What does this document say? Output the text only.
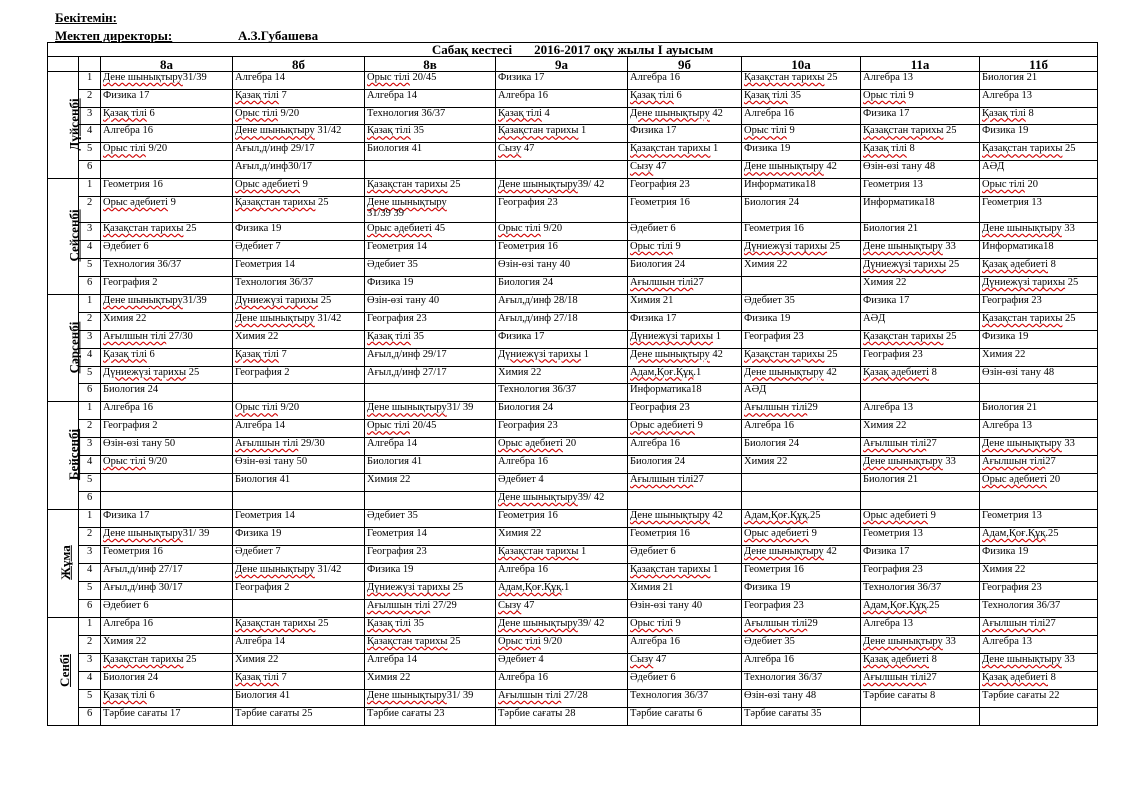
Бекітемін:
Мектеп директоры:	А.З.Губашева
Сабақ кестесі 2016-2017 оқу жылы I ауысым									
		8а	8б	8в	9а	9б	10а	11а	11б
Дүйсенбі	1	Дене шынықтыру31/39	Алгебра 14	Орыс тілі 20/45	Физика 17	Алгебра 16	Қазақстан тарихы 25	Алгебра 13	Биология 21
	2	Физика 17	Қазақ тілі 7	Алгебра 14	Алгебра 16	Қазақ тілі 6	Қазақ тілі 35	Орыс тілі 9	Алгебра 13
	3	Қазақ тілі 6	Орыс тілі 9/20	Технология 36/37	Қазақ тілі 4	Дене шынықтыру 42	Алгебра 16	Физика 17	Қазақ тілі 8
	4	Алгебра 16	Дене шынықтыру 31/42	Қазақ тілі 35	Қазақстан тарихы 1	Физика 17	Орыс тілі 9	Қазақстан тарихы 25	Физика 19
	5	Орыс тілі 9/20	Ағыл,д/инф 29/17	Биология 41	Сызу 47	Қазақстан тарихы 1	Физика 19	Қазақ тілі 8	Қазақстан тарихы 25
	6		Ағыл,д/инф30/17			Сызу 47	Дене шынықтыру 42	Өзін-өзі тану 48	АӘД
Сейсенбі	1	Геометрия 16	Орыс әдебиеті 9	Қазақстан тарихы 25	Дене шынықтыру39/ 42	География 23	Информатика18	Геометрия 13	Орыс тілі 20
	2	Орыс әдебиеті 9	Қазақстан тарихы 25	Дене шынықтыру
31/39 39	География 23	Геометрия 16	Биология 24	Информатика18	Геометрия 13
	3	Қазақстан тарихы 25	Физика 19	Орыс әдебиеті 45	Орыс тілі 9/20	Әдебиет 6	Геометрия 16	Биология 21	Дене шынықтыру 33
	4	Әдебиет 6	Әдебиет 7	Геометрия 14	Геометрия 16	Орыс тілі 9	Дүниежүзі тарихы 25	Дене шынықтыру 33	Информатика18
	5	Технология 36/37	Геометрия 14	Әдебиет 35	Өзін-өзі тану 40	Биология 24	Химия 22	Дүниежүзі тарихы 25	Қазақ әдебиеті 8
	6	География 2	Технология 36/37	Физика 19	Биология 24	Ағылшын тілі27		Химия 22	Дүниежүзі тарихы 25
Сәрсенбі	1	Дене шынықтыру31/39	Дүниежүзі тарихы 25	Өзін-өзі тану 40	Ағыл,д/инф 28/18	Химия 21	Әдебиет 35	Физика 17	География 23
	2	Химия 22	Дене шынықтыру 31/42	География 23	Ағыл,д/инф 27/18	Физика 17	Физика 19	АӘД	Қазақстан тарихы 25
	3	Ағылшын тілі 27/30	Химия 22	Қазақ тілі 35	Физика 17	Дүниежүзі тарихы 1	География 23	Қазақстан тарихы 25	Физика 19
	4	Қазақ тілі 6	Қазақ тілі 7	Ағыл,д/инф 29/17	Дүниежүзі тарихы 1	Дене шынықтыру 42	Қазақстан тарихы 25	География 23	Химия 22
	5	Дүниежүзі тарихы 25	География 2	Ағыл,д/инф 27/17	Химия 22	Адам,Қоғ.Құқ.1	Дене шынықтыру 42	Қазақ әдебиеті 8	Өзін-өзі тану 48
	6	Биология 24			Технология 36/37	Информатика18	АӘД		
Бейсенбі	1	Алгебра 16	Орыс тілі 9/20	Дене шынықтыру31/ 39	Биология 24	География 23	Ағылшын тілі29	Алгебра 13	Биология 21
	2	География 2	Алгебра 14	Орыс тілі 20/45	География 23	Орыс әдебиеті 9	Алгебра 16	Химия 22	Алгебра 13
	3	Өзін-өзі тану 50	Ағылшын тілі 29/30	Алгебра 14	Орыс әдебиеті 20	Алгебра 16	Биология 24	Ағылшын тілі27	Дене шынықтыру 33
	4	Орыс тілі 9/20	Өзін-өзі тану 50	Биология 41	Алгебра 16	Биология 24	Химия 22	Дене шынықтыру 33	Ағылшын тілі27
	5		Биология 41	Химия 22	Әдебиет 4	Ағылшын тілі27		Биология 21	Орыс әдебиеті 20
	6				Дене шынықтыру39/ 42				
Жұма	1	Физика 17	Геометрия 14	Әдебиет 35	Геометрия 16	Дене шынықтыру 42	Адам,Қоғ.Құқ.25	Орыс әдебиеті 9	Геометрия 13
	2	Дене шынықтыру31/ 39	Физика 19	Геометрия 14	Химия 22	Геометрия 16	Орыс әдебиеті 9	Геометрия 13	Адам,Қоғ.Құқ.25
	3	Геометрия 16	Әдебиет 7	География 23	Қазақстан тарихы 1	Әдебиет 6	Дене шынықтыру 42	Физика 17	Физика 19
	4	Ағыл,д/инф 27/17	Дене шынықтыру 31/42	Физика 19	Алгебра 16	Қазақстан тарихы 1	Геометрия 16	География 23	Химия 22
	5	Ағыл,д/инф 30/17	География 2	Дүниежүзі тарихы 25	Адам,Қоғ.Құқ.1	Химия 21	Физика 19	Технология 36/37	География 23
	6	Әдебиет 6		Ағылшын тілі 27/29	Сызу 47	Өзін-өзі тану 40	География 23	Адам,Қоғ.Құқ.25	Технология 36/37
Сенбі	1	Алгебра 16	Қазақстан тарихы 25	Қазақ тілі 35	Дене шынықтыру39/ 42	Орыс тілі 9	Ағылшын тілі29	Алгебра 13	Ағылшын тілі27
	2	Химия 22	Алгебра 14	Қазақстан тарихы 25	Орыс тілі 9/20	Алгебра 16	Әдебиет 35	Дене шынықтыру 33	Алгебра 13
	3	Қазақстан тарихы 25	Химия 22	Алгебра 14	Әдебиет 4	Сызу 47	Алгебра 16	Қазақ әдебиеті 8	Дене шынықтыру 33
	4	Биология 24	Қазақ тілі 7	Химия 22	Алгебра 16	Әдебиет 6	Технология 36/37	Ағылшын тілі27	Қазақ әдебиеті 8
	5	Қазақ тілі 6	Биология 41	Дене шынықтыру31/ 39	Ағылшын тілі 27/28	Технология 36/37	Өзін-өзі тану 48	Тәрбие сағаты 8	Тәрбие сағаты 22
	6	Тәрбие сағаты 17	Тәрбие сағаты 25	Тәрбие сағаты 23	Тәрбие сағаты 28	Тәрбие сағаты 6	Тәрбие сағаты 35		
